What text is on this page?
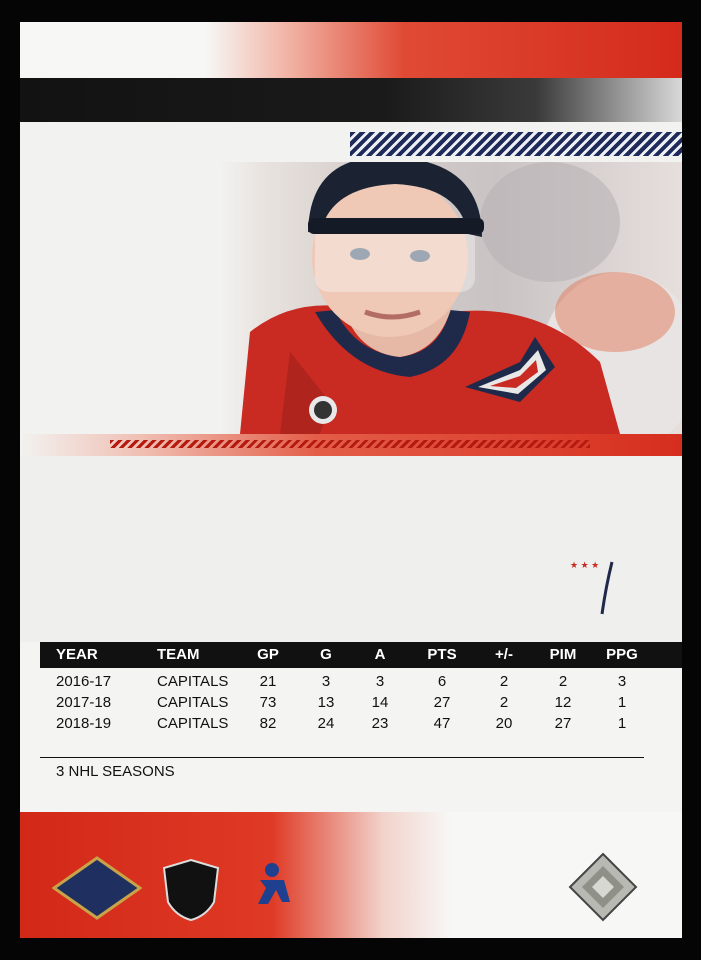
★ ★ ★
YEAR	TEAM	GP	G	A	PTS	+/-	PIM	PPG
2016-17	CAPITALS	21	3	3	6	2	2	3
2017-18	CAPITALS	73	13	14	27	2	12	1
2018-19	CAPITALS	82	24	23	47	20	27	1
3 NHL SEASONS
